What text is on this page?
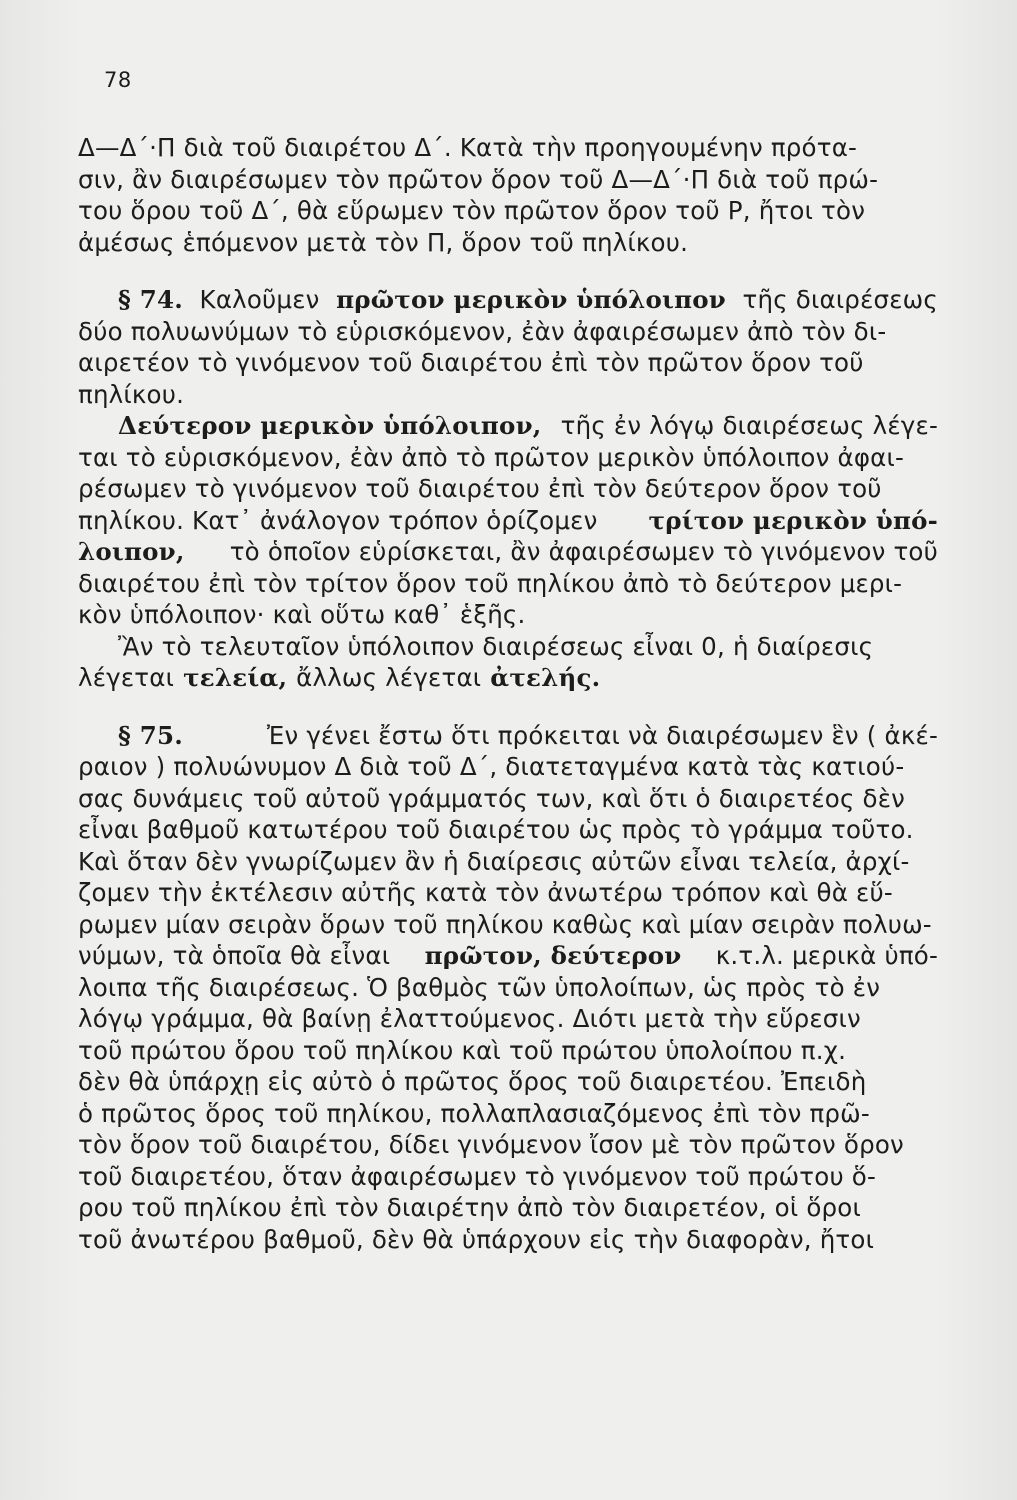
78
Δ—Δ΄·Π διὰ τοῦ διαιρέτου Δ΄. Κατὰ τὴν προηγουμένην πρότα-
σιν, ἂν διαιρέσωμεν τὸν πρῶτον ὅρον τοῦ Δ—Δ΄·Π διὰ τοῦ πρώ-
του ὅρου τοῦ Δ΄, θὰ εὕρωμεν τὸν πρῶτον ὅρον τοῦ Ρ, ἤτοι τὸν
ἀμέσως ἑπόμενον μετὰ τὸν Π, ὅρον τοῦ πηλίκου.
§ 74. Καλοῦμεν πρῶτον μερικὸν ὑπόλοιπον τῆς διαιρέσεως
δύο πολυωνύμων τὸ εὑρισκόμενον, ἐὰν ἀφαιρέσωμεν ἀπὸ τὸν δι-
αιρετέον τὸ γινόμενον τοῦ διαιρέτου ἐπὶ τὸν πρῶτον ὅρον τοῦ
πηλίκου.
Δεύτερον μερικὸν ὑπόλοιπον, τῆς ἐν λόγῳ διαιρέσεως λέγε-
ται τὸ εὑρισκόμενον, ἐὰν ἀπὸ τὸ πρῶτον μερικὸν ὑπόλοιπον ἀφαι-
ρέσωμεν τὸ γινόμενον τοῦ διαιρέτου ἐπὶ τὸν δεύτερον ὅρον τοῦ
πηλίκου. Κατ᾽ ἀνάλογον τρόπον ὁρίζομεν τρίτον μερικὸν ὑπό-
λοιπον, τὸ ὁποῖον εὑρίσκεται, ἂν ἀφαιρέσωμεν τὸ γινόμενον τοῦ
διαιρέτου ἐπὶ τὸν τρίτον ὅρον τοῦ πηλίκου ἀπὸ τὸ δεύτερον μερι-
κὸν ὑπόλοιπον· καὶ οὕτω καθ᾽ ἑξῆς.
Ἂν τὸ τελευταῖον ὑπόλοιπον διαιρέσεως εἶναι 0, ἡ διαίρεσις
λέγεται τελεία, ἄλλως λέγεται ἀτελής.
§ 75.	Ἐν γένει ἔστω ὅτι πρόκειται νὰ διαιρέσωμεν ἓν ( ἀκέ-
ραιον ) πολυώνυμον Δ διὰ τοῦ Δ΄, διατεταγμένα κατὰ τὰς κατιού-
σας δυνάμεις τοῦ αὐτοῦ γράμματός των, καὶ ὅτι ὁ διαιρετέος δὲν
εἶναι βαθμοῦ κατωτέρου τοῦ διαιρέτου ὡς πρὸς τὸ γράμμα τοῦτο.
Καὶ ὅταν δὲν γνωρίζωμεν ἂν ἡ διαίρεσις αὐτῶν εἶναι τελεία, ἀρχί-
ζομεν τὴν ἐκτέλεσιν αὐτῆς κατὰ τὸν ἀνωτέρω τρόπον καὶ θὰ εὕ-
ρωμεν μίαν σειρὰν ὅρων τοῦ πηλίκου καθὼς καὶ μίαν σειρὰν πολυω-
νύμων, τὰ ὁποῖα θὰ εἶναι πρῶτον, δεύτερον κ.τ.λ. μερικὰ ὑπό-
λοιπα τῆς διαιρέσεως. Ὁ βαθμὸς τῶν ὑπολοίπων, ὡς πρὸς τὸ ἐν
λόγῳ γράμμα, θὰ βαίνῃ ἐλαττούμενος. Διότι μετὰ τὴν εὕρεσιν
τοῦ πρώτου ὅρου τοῦ πηλίκου καὶ τοῦ πρώτου ὑπολοίπου π.χ.
δὲν θὰ ὑπάρχῃ εἰς αὐτὸ ὁ πρῶτος ὅρος τοῦ διαιρετέου. Ἐπειδὴ
ὁ πρῶτος ὅρος τοῦ πηλίκου, πολλαπλασιαζόμενος ἐπὶ τὸν πρῶ-
τὸν ὅρον τοῦ διαιρέτου, δίδει γινόμενον ἴσον μὲ τὸν πρῶτον ὅρον
τοῦ διαιρετέου, ὅταν ἀφαιρέσωμεν τὸ γινόμενον τοῦ πρώτου ὅ-
ρου τοῦ πηλίκου ἐπὶ τὸν διαιρέτην ἀπὸ τὸν διαιρετέον, οἱ ὅροι
τοῦ ἀνωτέρου βαθμοῦ, δὲν θὰ ὑπάρχουν εἰς τὴν διαφορὰν, ἤτοι
